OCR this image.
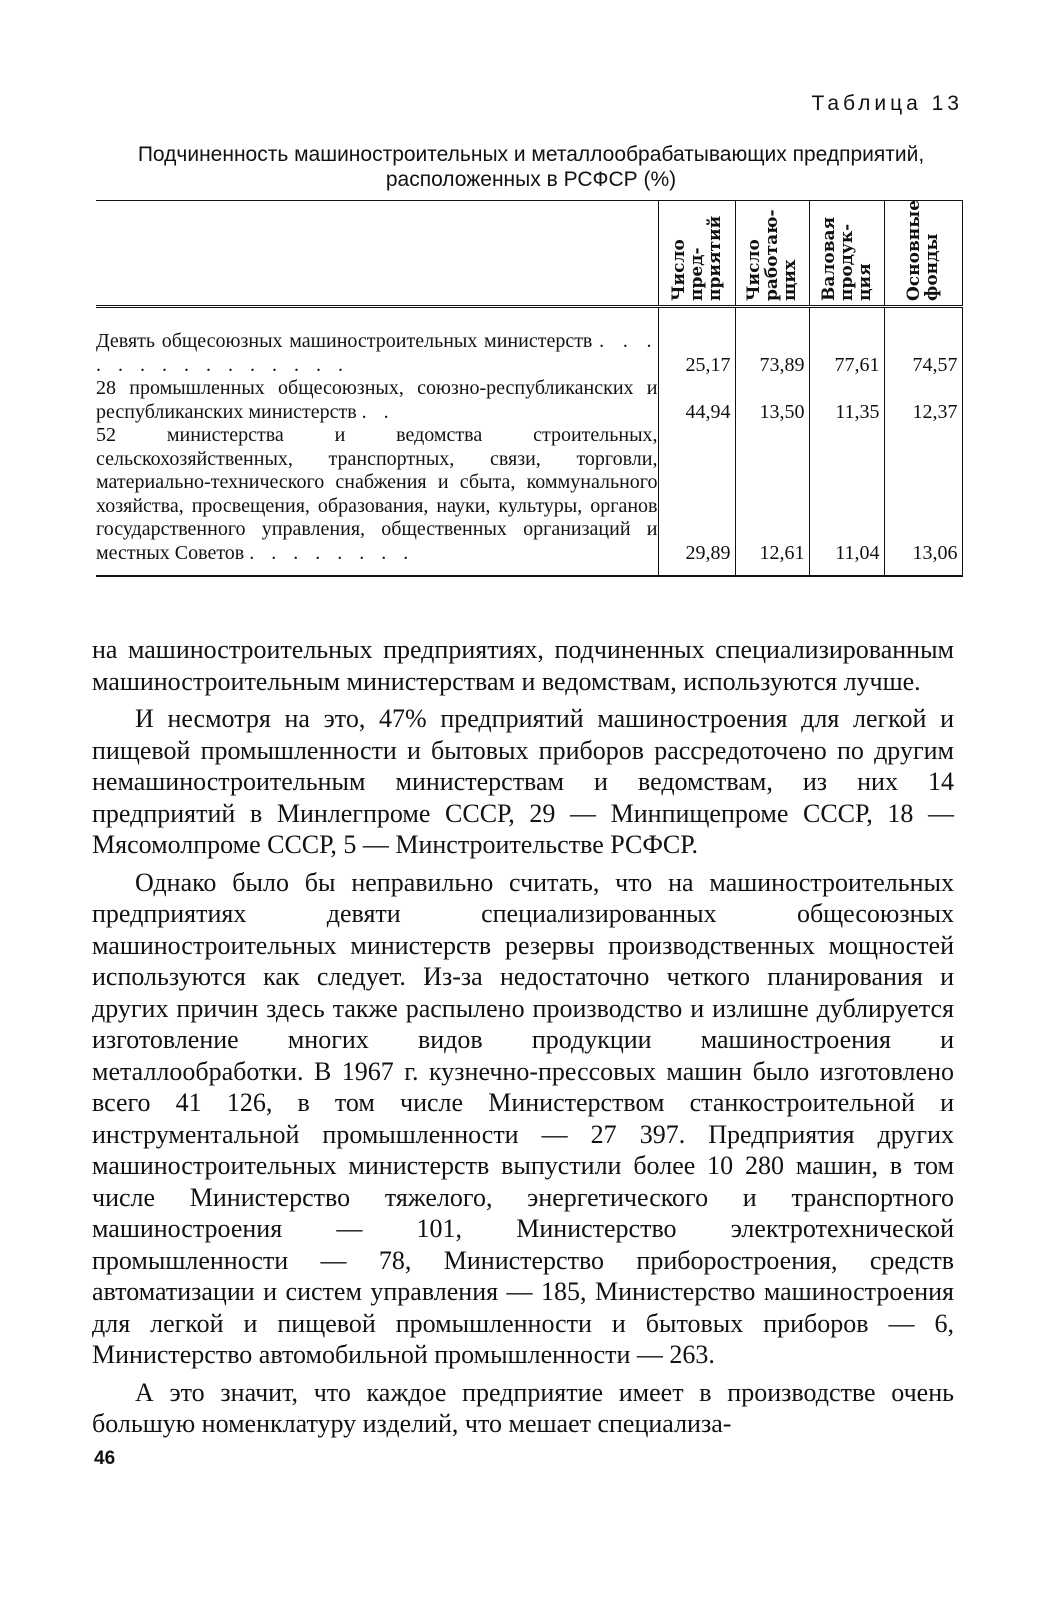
Таблица 13
Подчиненность машиностроительных и металлообрабатывающих предприятий, расположенных в РСФСР (%)

	Число
пред-
приятий	Число
работаю-
щих	Валовая
продук-
ция	Основные
фонды

Девять общесоюзных машиностроительных министерств . . . . . . . . . . . . . . .	25,17	73,89	77,61	74,57
28 промышленных общесоюзных, союзно-республиканских и республиканских министерств . .	44,94	13,50	11,35	12,37
52 министерства и ведомства строительных, сельскохозяйственных, транспортных, связи, торговли, материально-технического снабжения и сбыта, коммунального хозяйства, просвещения, образования, науки, культуры, органов государственного управления, общественных организаций и местных Советов . . . . . . . .	29,89	12,61	11,04	13,06

на машиностроительных предприятиях, подчиненных специализированным машиностроительным министерствам и ведомствам, используются лучше.

И несмотря на это, 47% предприятий машиностроения для легкой и пищевой промышленности и бытовых приборов рассредоточено по другим немашиностроительным министерствам и ведомствам, из них 14 предприятий в Минлегпроме СССР, 29 — Минпищепроме СССР, 18 — Мясомолпроме СССР, 5 — Минстроительстве РСФСР.

Однако было бы неправильно считать, что на машиностроительных предприятиях девяти специализированных общесоюзных машиностроительных министерств резервы производственных мощностей используются как следует. Из-за недостаточно четкого планирования и других причин здесь также распылено производство и излишне дублируется изготовление многих видов продукции машиностроения и металлообработки. В 1967 г. кузнечно-прессовых машин было изготовлено всего 41 126, в том числе Министерством станкостроительной и инструментальной промышленности — 27 397. Предприятия других машиностроительных министерств выпустили более 10 280 машин, в том числе Министерство тяжелого, энергетического и транспортного машиностроения — 101, Министерство электротехнической промышленности — 78, Министерство приборостроения, средств автоматизации и систем управления — 185, Министерство машиностроения для легкой и пищевой промышленности и бытовых приборов — 6, Министерство автомобильной промышленности — 263.

А это значит, что каждое предприятие имеет в производстве очень большую номенклатуру изделий, что мешает специализа-

46
